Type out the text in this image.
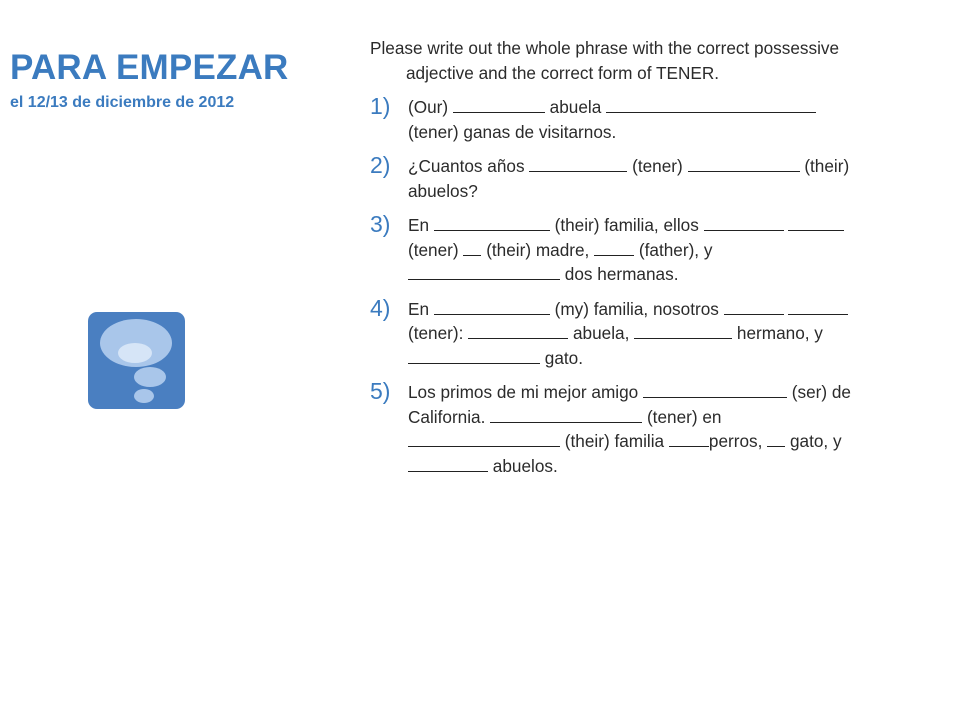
PARA EMPEZAR
el 12/13 de diciembre de 2012

Please write out the whole phrase with the correct possessive adjective and the correct form of TENER.

1) (Our)	abuela  (tener) ganas de visitarnos.
2) ¿Cuantos años	(tener)	(their) abuelos?
3) En	(their) familia, ellos   (tener) (their) madre,	(father), y  dos hermanas.
4) En	(my) familia, nosotros   (tener):	abuela,	hermano, y  gato.
5) Los primos de mi mejor amigo	(ser) de California.	(tener) en  (their) familia	perros, gato, y  abuelos.
